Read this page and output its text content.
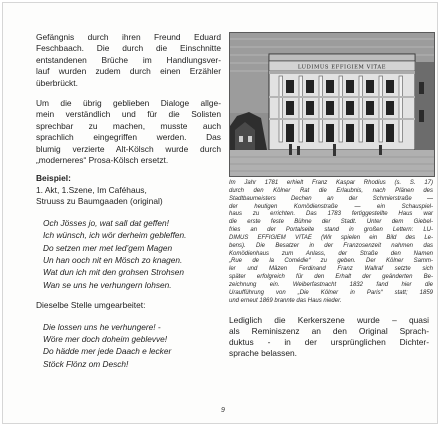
Gefängnis durch ihren Freund Eduard
Feschbaach. Die durch die Einschnitte
entstandenen Brüche im Handlungsver-
lauf wurden zudem durch einen Erzähler
überbrückt.
Um die übrig geblieben Dialoge allge-
mein verständlich und für die Solisten
sprechbar zu machen, musste auch
sprachlich eingegriffen werden. Das
blumig verzierte Alt-Kölsch wurde durch
„moderneres“ Prosa-Kölsch ersetzt.
Beispiel:
1. Akt, 1.Szene, Im Caféhaus,
Struuss zu Baumgaaden (original)
Och Jösses jo, wat sall dat geffen!
Ich wünsch, ich wör derheim gebleffen.
Do setzen mer met led’gem Magen
Un han ooch nit en Mösch zo knagen.
Wat dun ich mit den grohsen Strohsen
Wan se uns he verhungern lohsen.
Dieselbe Stelle umgearbeitet:
Die lossen uns he verhungere! -
Wöre mer doch doheim geblevve!
Do hädde mer jede Daach e lecker
Stöck Flönz om Desch!
LUDIMUS EFFIGIEM VITAE
Im Jahr 1781 erhielt Franz Kaspar Rhodius (s. S. 17)
durch den Kölner Rat die Erlaubnis, nach Plänen des
Stadtbaumeisters Dechen an der Schmierstraße —
der heutigen Komödienstraße — ein Schauspiel-
haus zu errichten. Das 1783 fertiggestellte Haus war
die erste feste Bühne der Stadt. Unter dem Giebel-
fries an der Portalseite stand in großen Lettern: LU-
DIMUS EFFIGIEM VITAE (Wir spielen ein Bild des Le-
bens). Die Besatzer in der Franzosenzeit nahmen das
Komödienhaus zum Anlass, der Straße den Namen
„Rue de la Comédie“ zu geben. Der Kölner Samm-
ler und Mäzen Ferdinand Franz Wallraf setzte sich
später erfolgreich für den Erhalt der geänderten Be-
zeichnung ein. Weiberfastnacht 1832 fand hier die
Uraufführung von „Die Kölner in Paris“ statt; 1859
und erneut 1869 brannte das Haus nieder.
Lediglich die Kerkerszene wurde – quasi
als Reminiszenz an den Original Sprach-
duktus - in der ursprünglichen Dichter-
sprache belassen.
9
